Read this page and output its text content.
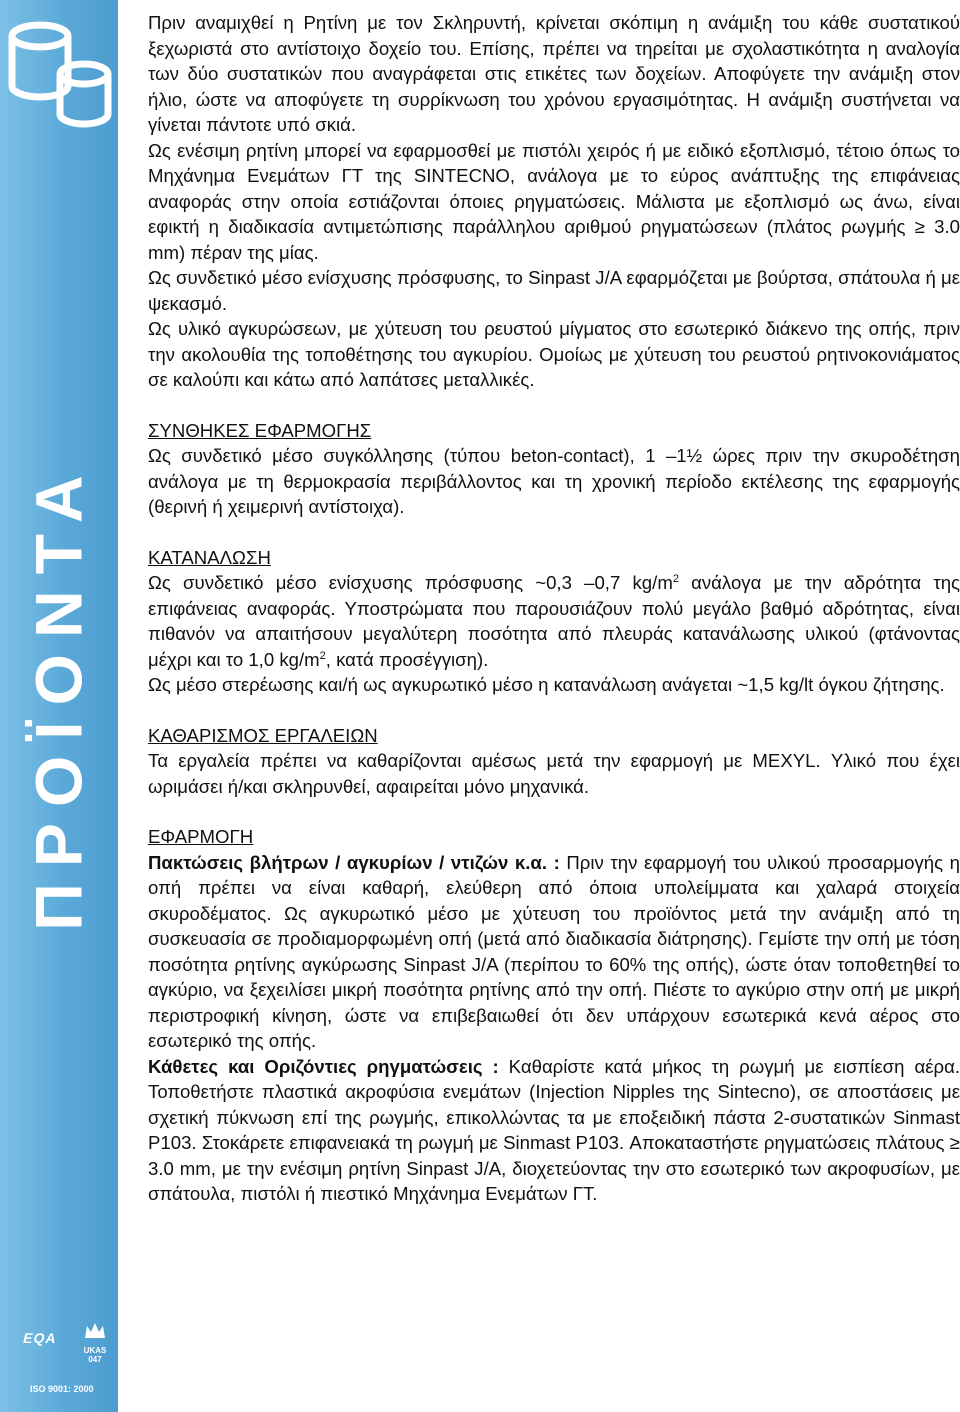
ΠΡΟΪΟΝΤΑ
EQA
UKAS
047
ISO 9001: 2000

Πριν αναμιχθεί η Ρητίνη με τον Σκληρυντή, κρίνεται σκόπιμη η ανάμιξη του κάθε συστατικού ξεχωριστά στο αντίστοιχο δοχείο του. Επίσης, πρέπει να τηρείται με σχολαστικότητα η αναλογία των δύο συστατικών που αναγράφεται στις ετικέτες των δοχείων. Αποφύγετε την ανάμιξη στον ήλιο, ώστε να αποφύγετε τη συρρίκνωση του χρόνου εργασιμότητας. Η ανάμιξη συστήνεται να γίνεται πάντοτε υπό σκιά.

Ως ενέσιμη ρητίνη μπορεί να εφαρμοσθεί με πιστόλι χειρός ή με ειδικό εξοπλισμό, τέτοιο όπως το Μηχάνημα Ενεμάτων ΓΤ της SINTECNO, ανάλογα με το εύρος ανάπτυξης της επιφάνειας αναφοράς στην οποία εστιάζονται όποιες ρηγματώσεις. Μάλιστα με εξοπλισμό ως άνω, είναι εφικτή η διαδικασία αντιμετώπισης παράλληλου αριθμού ρηγματώσεων (πλάτος ρωγμής ≥ 3.0 mm) πέραν της μίας.

Ως συνδετικό μέσο ενίσχυσης πρόσφυσης, το Sinpast J/A εφαρμόζεται με βούρτσα, σπάτουλα ή με ψεκασμό.

Ως υλικό αγκυρώσεων, με χύτευση του ρευστού μίγματος στο εσωτερικό διάκενο της οπής, πριν την ακολουθία της τοποθέτησης του αγκυρίου. Ομοίως με χύτευση του ρευστού ρητινοκονιάματος σε καλούπι και κάτω από λαπάτσες μεταλλικές.

ΣΥΝΘΗΚΕΣ ΕΦΑΡΜΟΓΗΣ

Ως συνδετικό μέσο συγκόλλησης (τύπου beton-contact), 1 –1½ ώρες πριν την σκυροδέτηση ανάλογα με τη θερμοκρασία περιβάλλοντος και τη χρονική περίοδο εκτέλεσης της εφαρμογής (θερινή ή χειμερινή αντίστοιχα).

ΚΑΤΑΝΑΛΩΣΗ

Ως συνδετικό μέσο ενίσχυσης πρόσφυσης ~0,3 –0,7 $kg/m^2$ ανάλογα με την αδρότητα της επιφάνειας αναφοράς. Υποστρώματα που παρουσιάζουν πολύ μεγάλο βαθμό αδρότητας, είναι πιθανόν να απαιτήσουν μεγαλύτερη ποσότητα από πλευράς κατανάλωσης υλικού (φτάνοντας μέχρι και το 1,0 $kg/m^2$, κατά προσέγγιση).

Ως μέσο στερέωσης και/ή ως αγκυρωτικό μέσο η κατανάλωση ανάγεται ~1,5 kg/lt όγκου ζήτησης.

ΚΑΘΑΡΙΣΜΟΣ ΕΡΓΑΛΕΙΩΝ

Τα εργαλεία πρέπει να καθαρίζονται αμέσως μετά την εφαρμογή με MEXYL. Υλικό που έχει ωριμάσει ή/και σκληρυνθεί, αφαιρείται μόνο μηχανικά.

ΕΦΑΡΜΟΓΗ

Πακτώσεις βλήτρων / αγκυρίων / ντιζών κ.α. : Πριν την εφαρμογή του υλικού προσαρμογής η οπή πρέπει να είναι καθαρή, ελεύθερη από όποια υπολείμματα και χαλαρά στοιχεία σκυροδέματος. Ως αγκυρωτικό μέσο με χύτευση του προϊόντος μετά την ανάμιξη από τη συσκευασία σε προδιαμορφωμένη οπή (μετά από διαδικασία διάτρησης). Γεμίστε την οπή με τόση ποσότητα ρητίνης αγκύρωσης Sinpast J/A (περίπου το 60% της οπής), ώστε όταν τοποθετηθεί το αγκύριο, να ξεχειλίσει μικρή ποσότητα ρητίνης από την οπή. Πιέστε το αγκύριο στην οπή με μικρή περιστροφική κίνηση, ώστε να επιβεβαιωθεί ότι δεν υπάρχουν εσωτερικά κενά αέρος στο εσωτερικό της οπής.

Κάθετες και Οριζόντιες ρηγματώσεις : Καθαρίστε κατά μήκος τη ρωγμή με εισπίεση αέρα. Τοποθετήστε πλαστικά ακροφύσια ενεμάτων (Injection Nipples της Sintecno), σε αποστάσεις με σχετική πύκνωση επί της ρωγμής, επικολλώντας τα με εποξειδική πάστα 2-συστατικών Sinmast P103. Στοκάρετε επιφανειακά τη ρωγμή με Sinmast P103. Αποκαταστήστε ρηγματώσεις πλάτους ≥ 3.0 mm, με την ενέσιμη ρητίνη Sinpast J/A, διοχετεύοντας την στο εσωτερικό των ακροφυσίων, με σπάτουλα, πιστόλι ή πιεστικό Μηχάνημα Ενεμάτων ΓΤ.
